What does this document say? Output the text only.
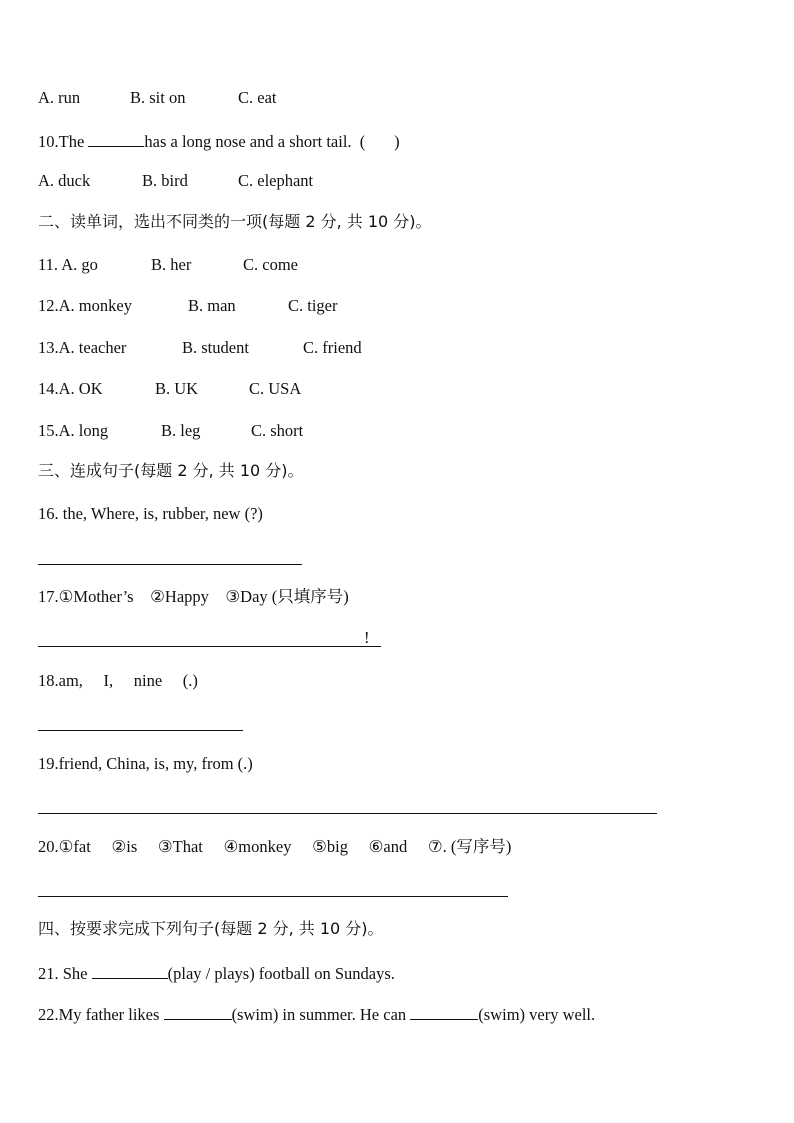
A. run	B. sit on	C. eat
10.The	has a long nose and a short tail.  (       )
A. duck	B. bird	C. elephant
二、读单词，选出不同类的一项(每题 2 分, 共 10 分)。
11. A. go	B. her	C. come
12.A. monkey	B. man	C. tiger
13.A. teacher	B. student	C. friend
14.A. OK	B. UK	C. USA
15.A. long	B. leg	C. short
三、连成句子(每题 2 分, 共 10 分)。
16. the, Where, is, rubber, new (?)
17.①Mother’s    ②Happy    ③Day (只填序号)
!
18.am,     I,     nine     (.)
19.friend, China, is, my, from (.)
20.①fat     ②is     ③That     ④monkey     ⑤big     ⑥and     ⑦. (写序号)
四、按要求完成下列句子(每题 2 分, 共 10 分)。
21. She	(play / plays) football on Sundays.
22.My father likes	(swim) in summer. He can	(swim) very well.
